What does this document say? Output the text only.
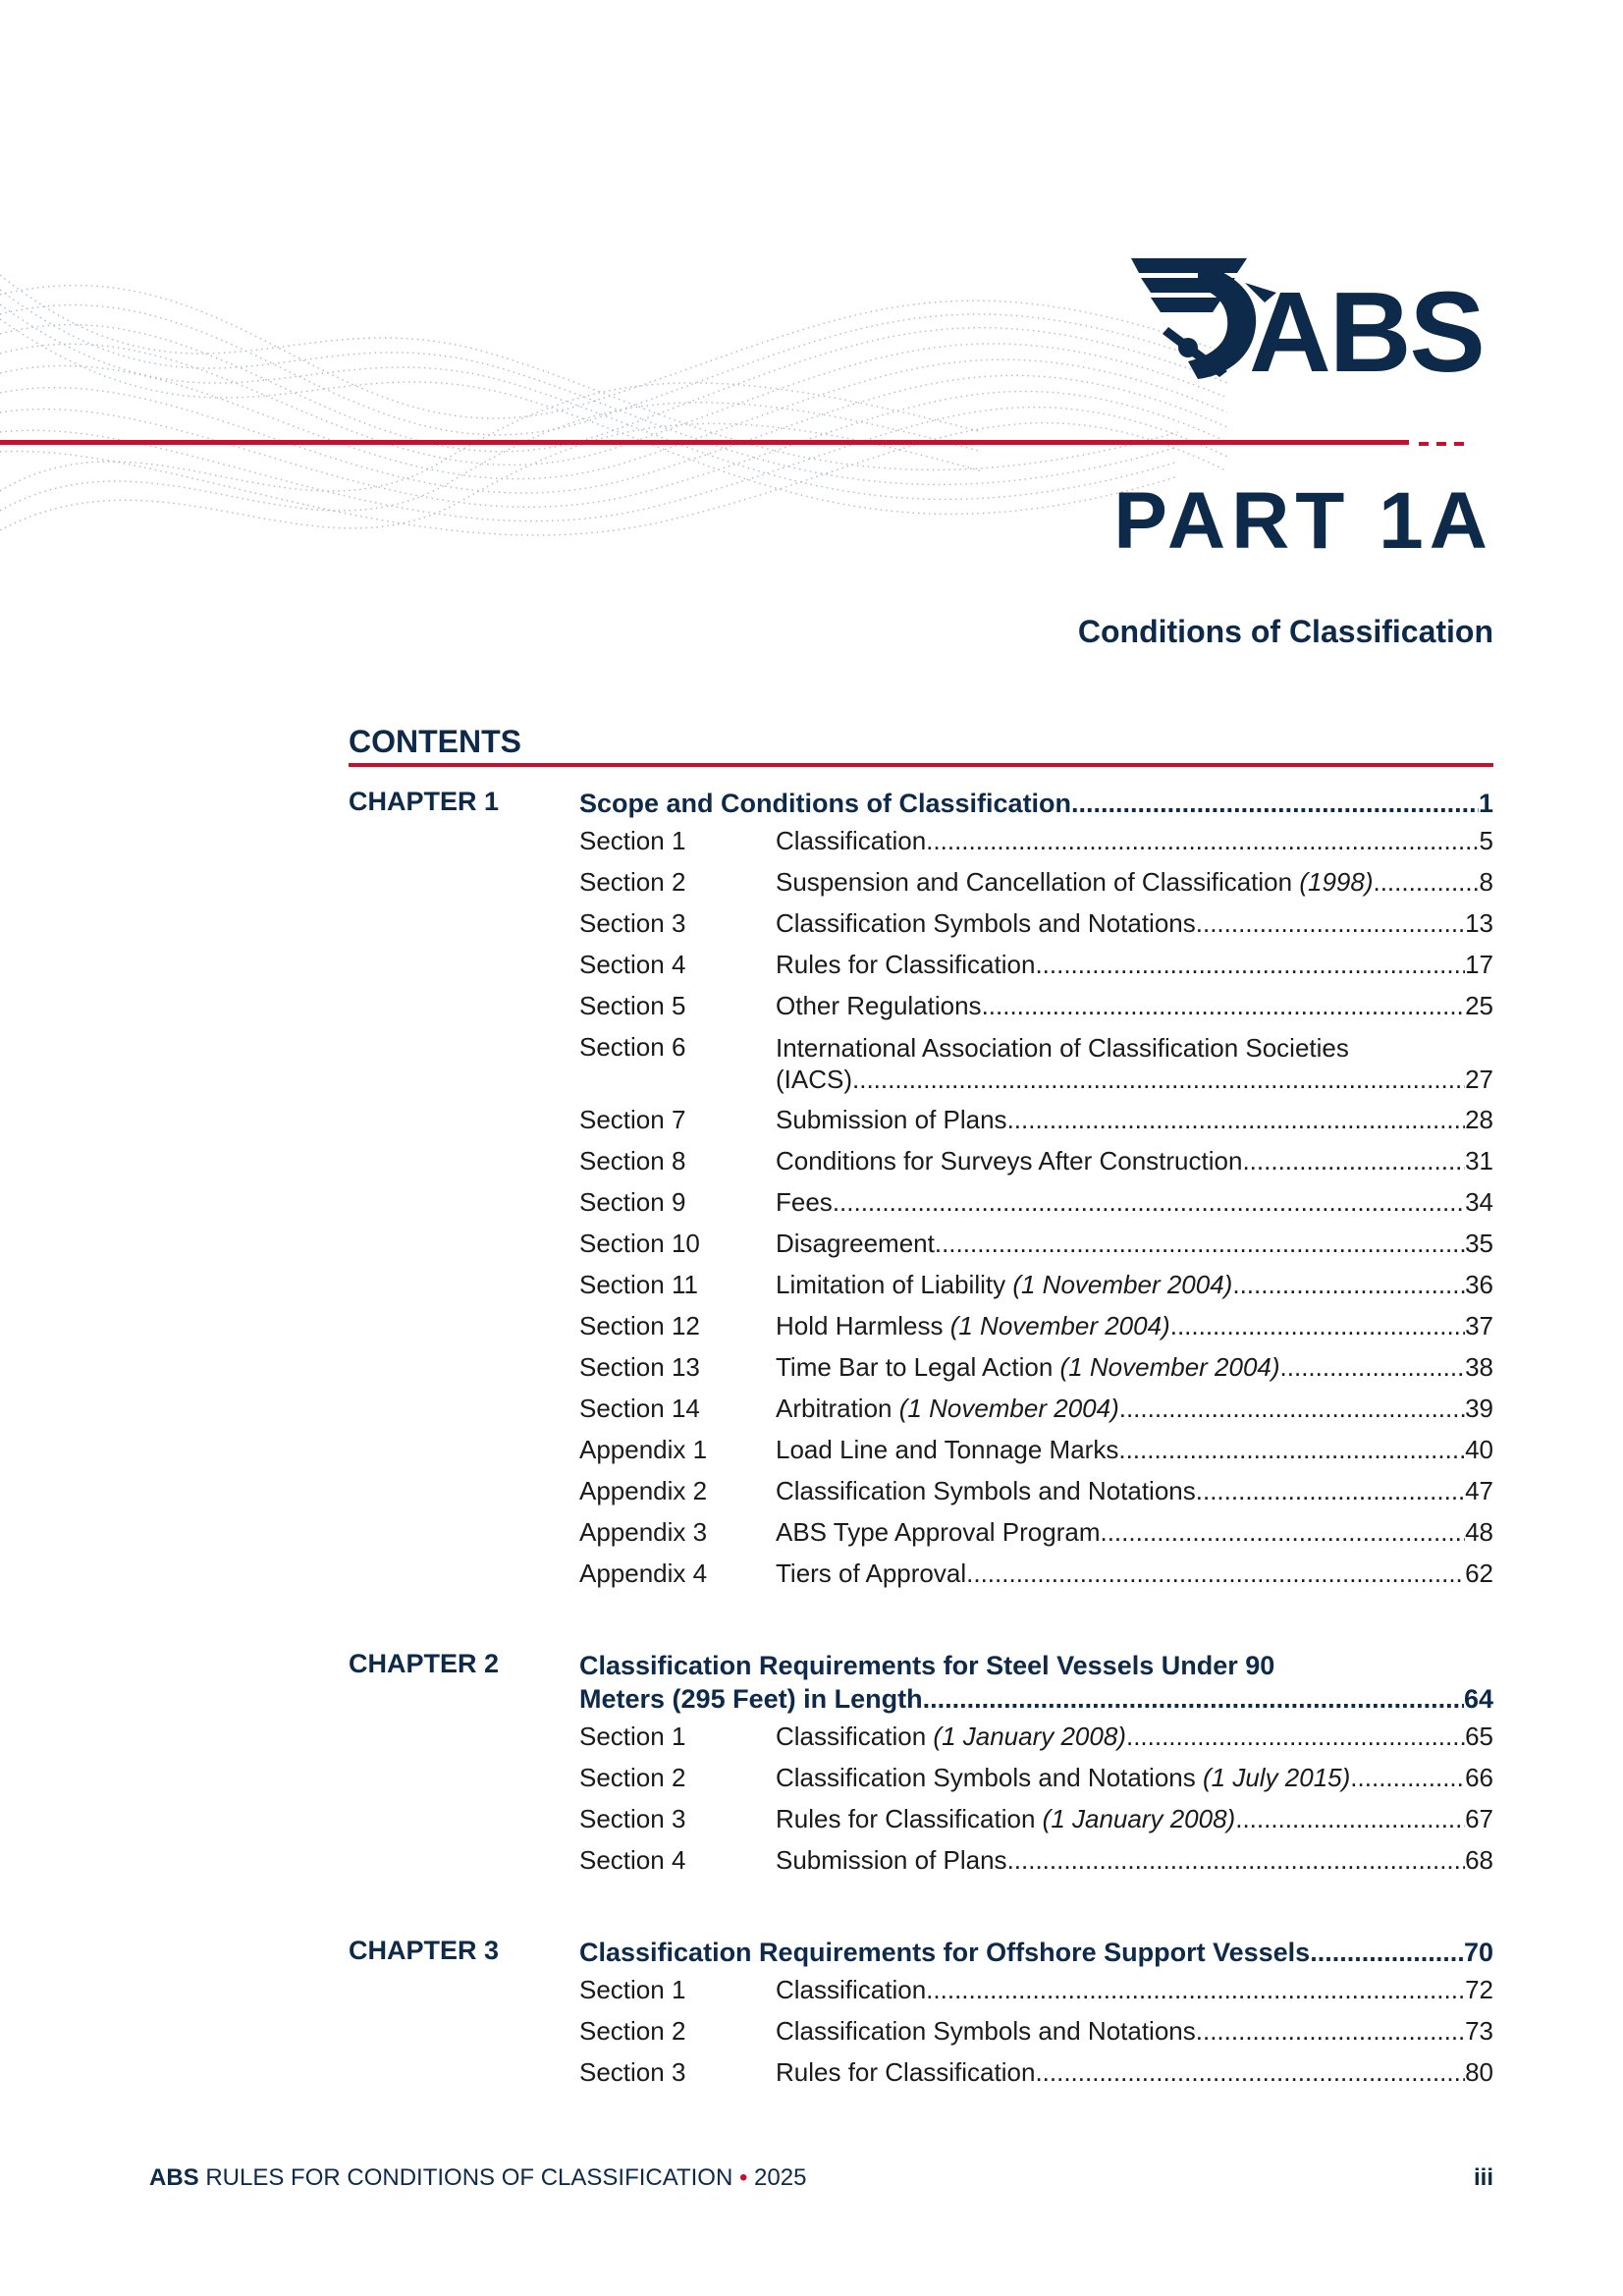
ABS
PART 1A
Conditions of Classification
CONTENTS
CHAPTER 1	Scope and Conditions of Classification .....	1
Section 1	Classification .....	5
Section 2	Suspension and Cancellation of Classification (1998) .....	8
Section 3	Classification Symbols and Notations .....	13
Section 4	Rules for Classification .....	17
Section 5	Other Regulations .....	25
Section 6	International Association of Classification Societies
(IACS) .....	27
Section 7	Submission of Plans .....	28
Section 8	Conditions for Surveys After Construction .....	31
Section 9	Fees .....	34
Section 10	Disagreement .....	35
Section 11	Limitation of Liability (1 November 2004) .....	36
Section 12	Hold Harmless (1 November 2004) .....	37
Section 13	Time Bar to Legal Action (1 November 2004) .....	38
Section 14	Arbitration (1 November 2004) .....	39
Appendix 1	Load Line and Tonnage Marks .....	40
Appendix 2	Classification Symbols and Notations .....	47
Appendix 3	ABS Type Approval Program .....	48
Appendix 4	Tiers of Approval .....	62
CHAPTER 2	Classification Requirements for Steel Vessels Under 90
Meters (295 Feet) in Length .....	64
Section 1	Classification (1 January 2008) .....	65
Section 2	Classification Symbols and Notations (1 July 2015) .....	66
Section 3	Rules for Classification (1 January 2008) .....	67
Section 4	Submission of Plans .....	68
CHAPTER 3	Classification Requirements for Offshore Support Vessels .....	70
Section 1	Classification .....	72
Section 2	Classification Symbols and Notations .....	73
Section 3	Rules for Classification .....	80
ABS RULES FOR CONDITIONS OF CLASSIFICATION • 2025	iii
